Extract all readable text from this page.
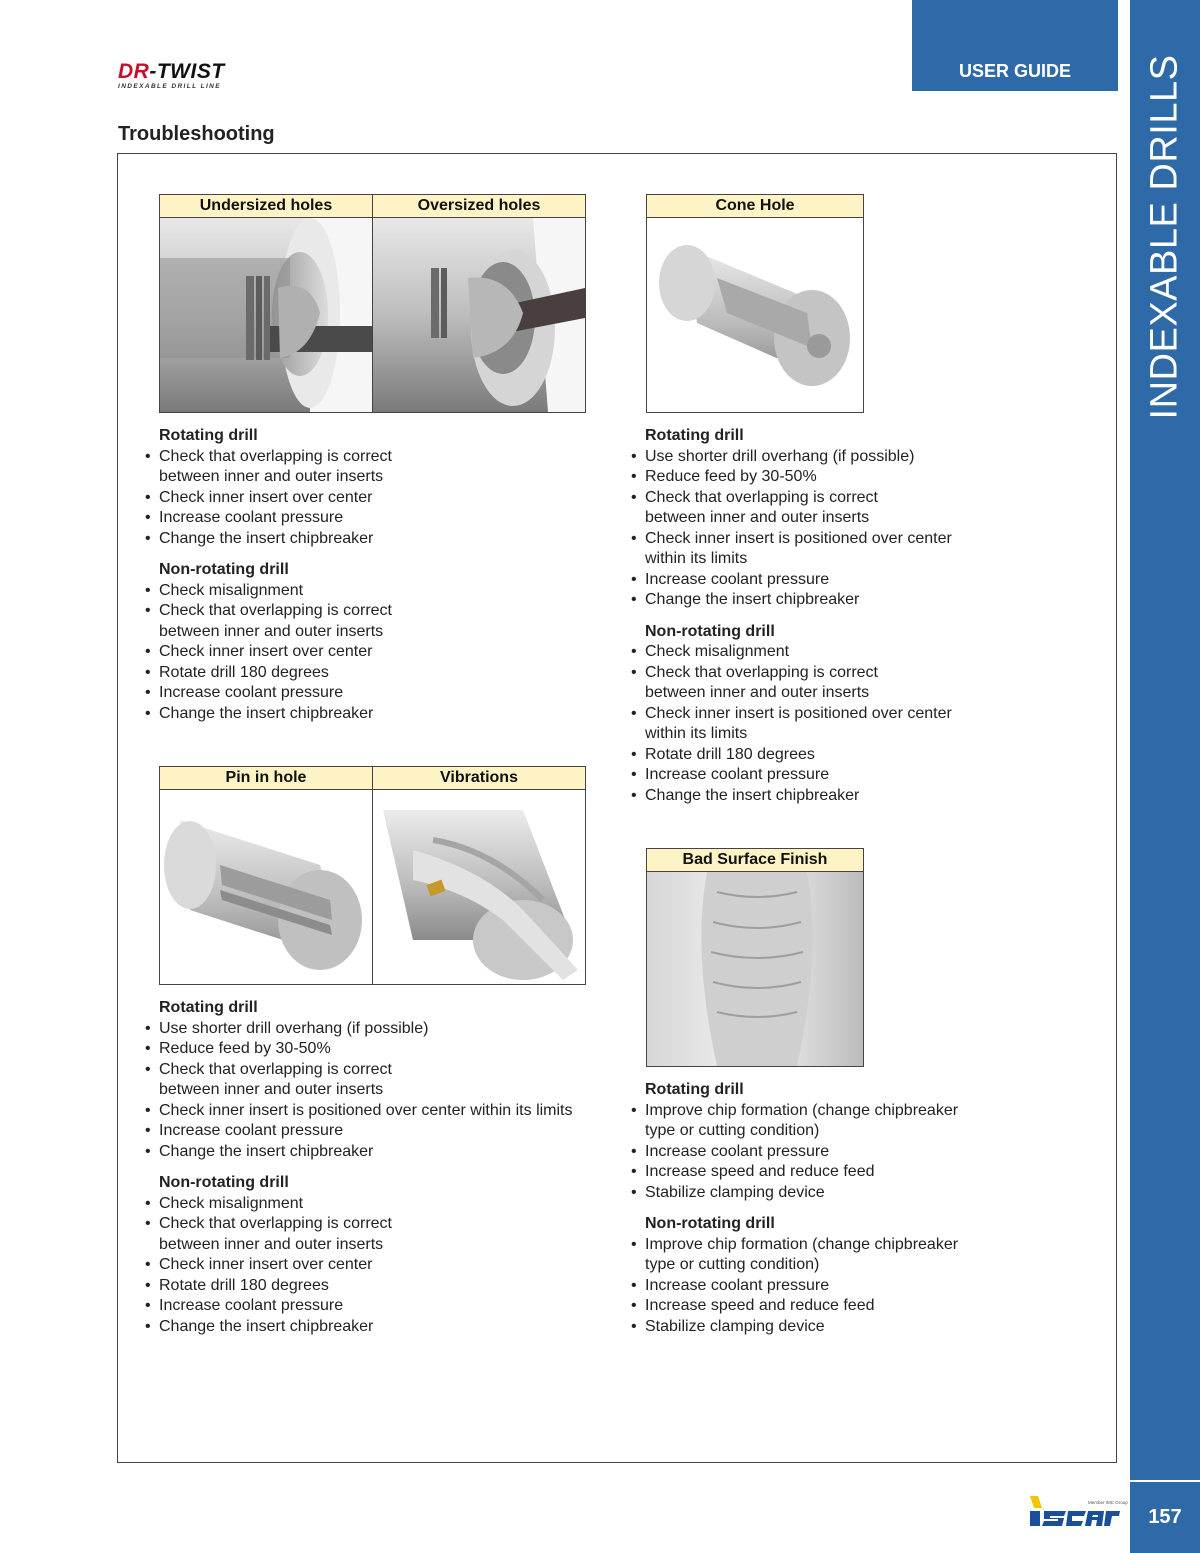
DR-TWIST
INDEXABLE DRILL LINE
USER GUIDE	INDEXABLE DRILLS
157
Troubleshooting
Undersized holes	Oversized holes	Cone Hole
Pin in hole	Vibrations
Bad Surface Finish
Rotating drill
• Check that overlapping is correct
between inner and outer inserts
• Check inner insert over center
• Increase coolant pressure
• Change the insert chipbreaker
Non-rotating drill
• Check misalignment
• Check that overlapping is correct
between inner and outer inserts
• Check inner insert over center
• Rotate drill 180 degrees
• Increase coolant pressure
• Change the insert chipbreaker
Rotating drill
• Use shorter drill overhang (if possible)
• Reduce feed by 30-50%
• Check that overlapping is correct
between inner and outer inserts
• Check inner insert is positioned over center
within its limits
• Increase coolant pressure
• Change the insert chipbreaker
Non-rotating drill
• Check misalignment
• Check that overlapping is correct
between inner and outer inserts
• Check inner insert is positioned over center
within its limits
• Rotate drill 180 degrees
• Increase coolant pressure
• Change the insert chipbreaker
Rotating drill
• Use shorter drill overhang (if possible)
• Reduce feed by 30-50%
• Check that overlapping is correct
between inner and outer inserts
• Check inner insert is positioned over center within its limits
• Increase coolant pressure
• Change the insert chipbreaker
Non-rotating drill
• Check misalignment
• Check that overlapping is correct
between inner and outer inserts
• Check inner insert over center
• Rotate drill 180 degrees
• Increase coolant pressure
• Change the insert chipbreaker
Rotating drill
• Improve chip formation (change chipbreaker
type or cutting condition)
• Increase coolant pressure
• Increase speed and reduce feed
• Stabilize clamping device
Non-rotating drill
• Improve chip formation (change chipbreaker
type or cutting condition)
• Increase coolant pressure
• Increase speed and reduce feed
• Stabilize clamping device
Member IMC Group
